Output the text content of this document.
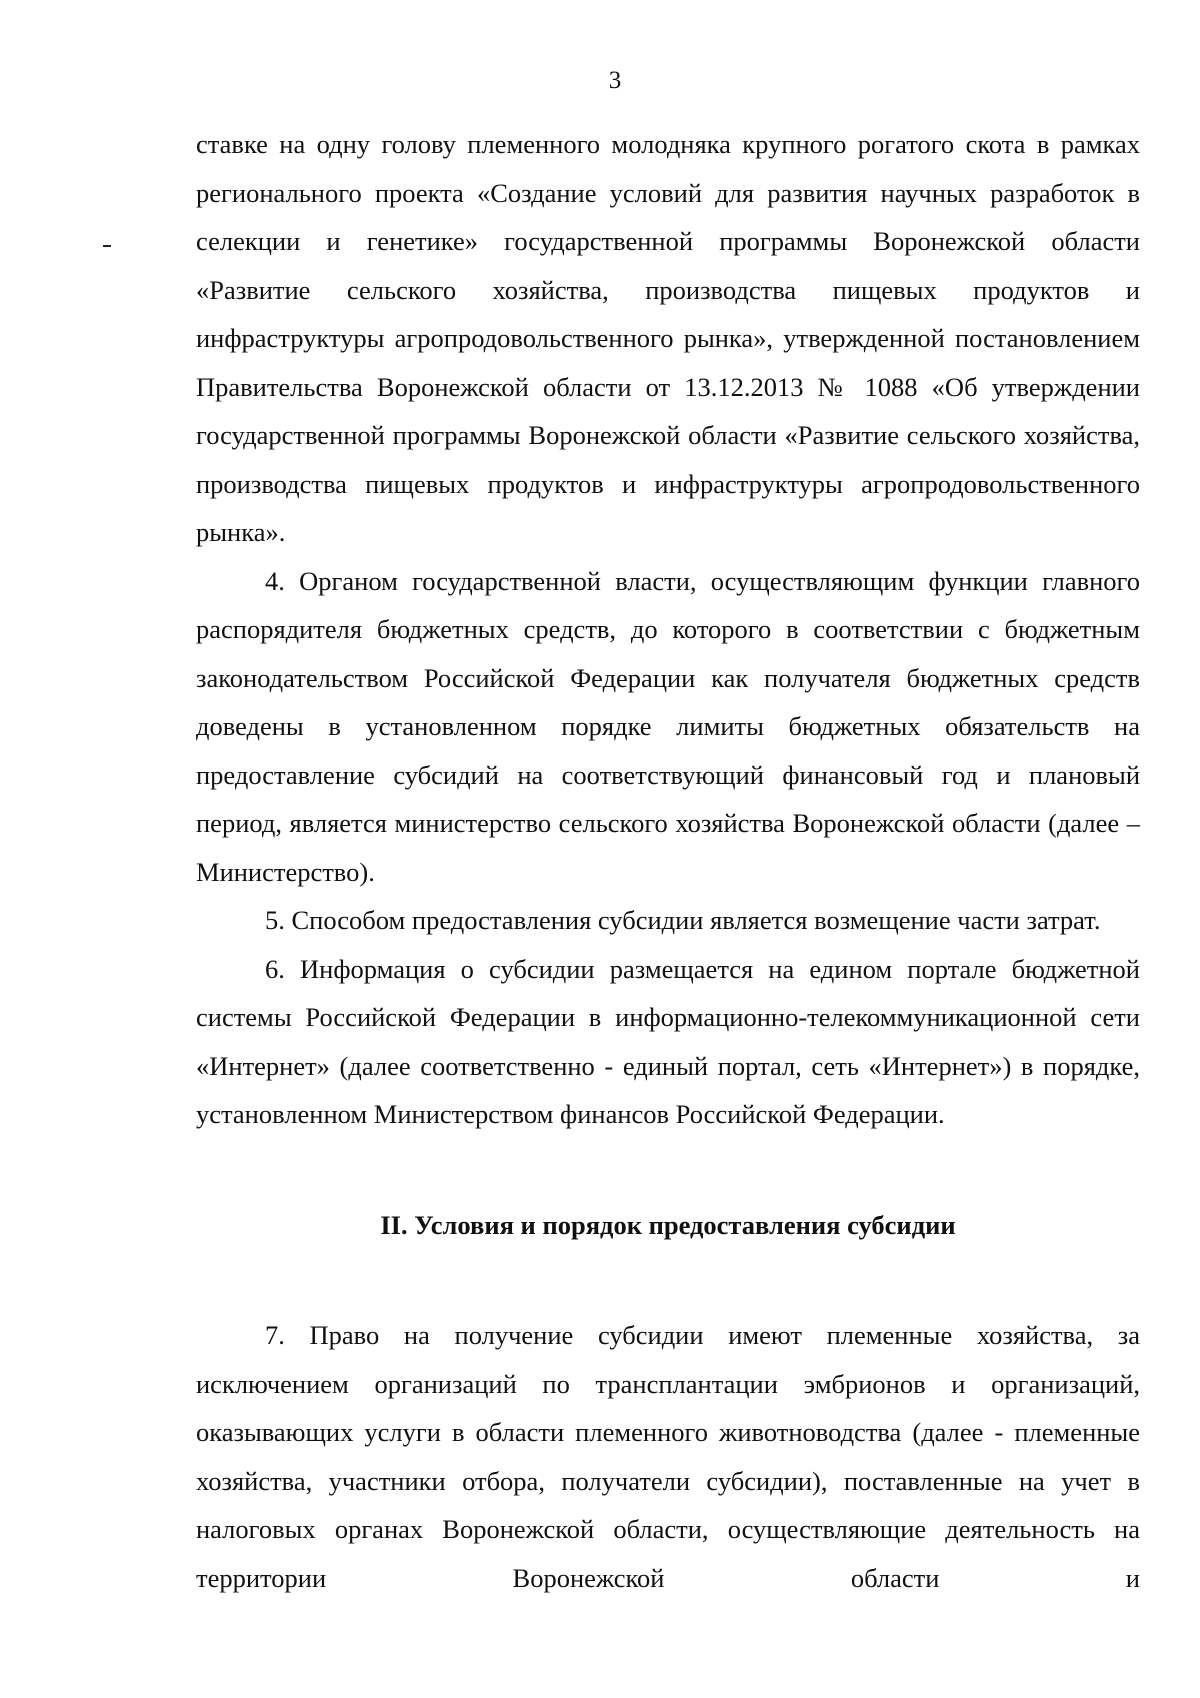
3

ставке на одну голову племенного молодняка крупного рогатого скота в рамках регионального проекта «Создание условий для развития научных разработок в селекции и генетике» государственной программы Воронежской области «Развитие сельского хозяйства, производства пищевых продуктов и инфраструктуры агропродовольственного рынка», утвержденной постановлением Правительства Воронежской области от 13.12.2013 № 1088 «Об утверждении государственной программы Воронежской области «Развитие сельского хозяйства, производства пищевых продуктов и инфраструктуры агропродовольственного рынка».

4. Органом государственной власти, осуществляющим функции главного распорядителя бюджетных средств, до которого в соответствии с бюджетным законодательством Российской Федерации как получателя бюджетных средств доведены в установленном порядке лимиты бюджетных обязательств на предоставление субсидий на соответствующий финансовый год и плановый период, является министерство сельского хозяйства Воронежской области (далее – Министерство).

5. Способом предоставления субсидии является возмещение части затрат.

6. Информация о субсидии размещается на едином портале бюджетной системы Российской Федерации в информационно-телекоммуникационной сети «Интернет» (далее соответственно - единый портал, сеть «Интернет») в порядке, установленном Министерством финансов Российской Федерации.

II. Условия и порядок предоставления субсидии

7. Право на получение субсидии имеют племенные хозяйства, за исключением организаций по трансплантации эмбрионов и организаций, оказывающих услуги в области племенного животноводства (далее - племенные хозяйства, участники отбора, получатели субсидии), поставленные на учет в налоговых органах Воронежской области, осуществляющие деятельность на территории Воронежской области и
